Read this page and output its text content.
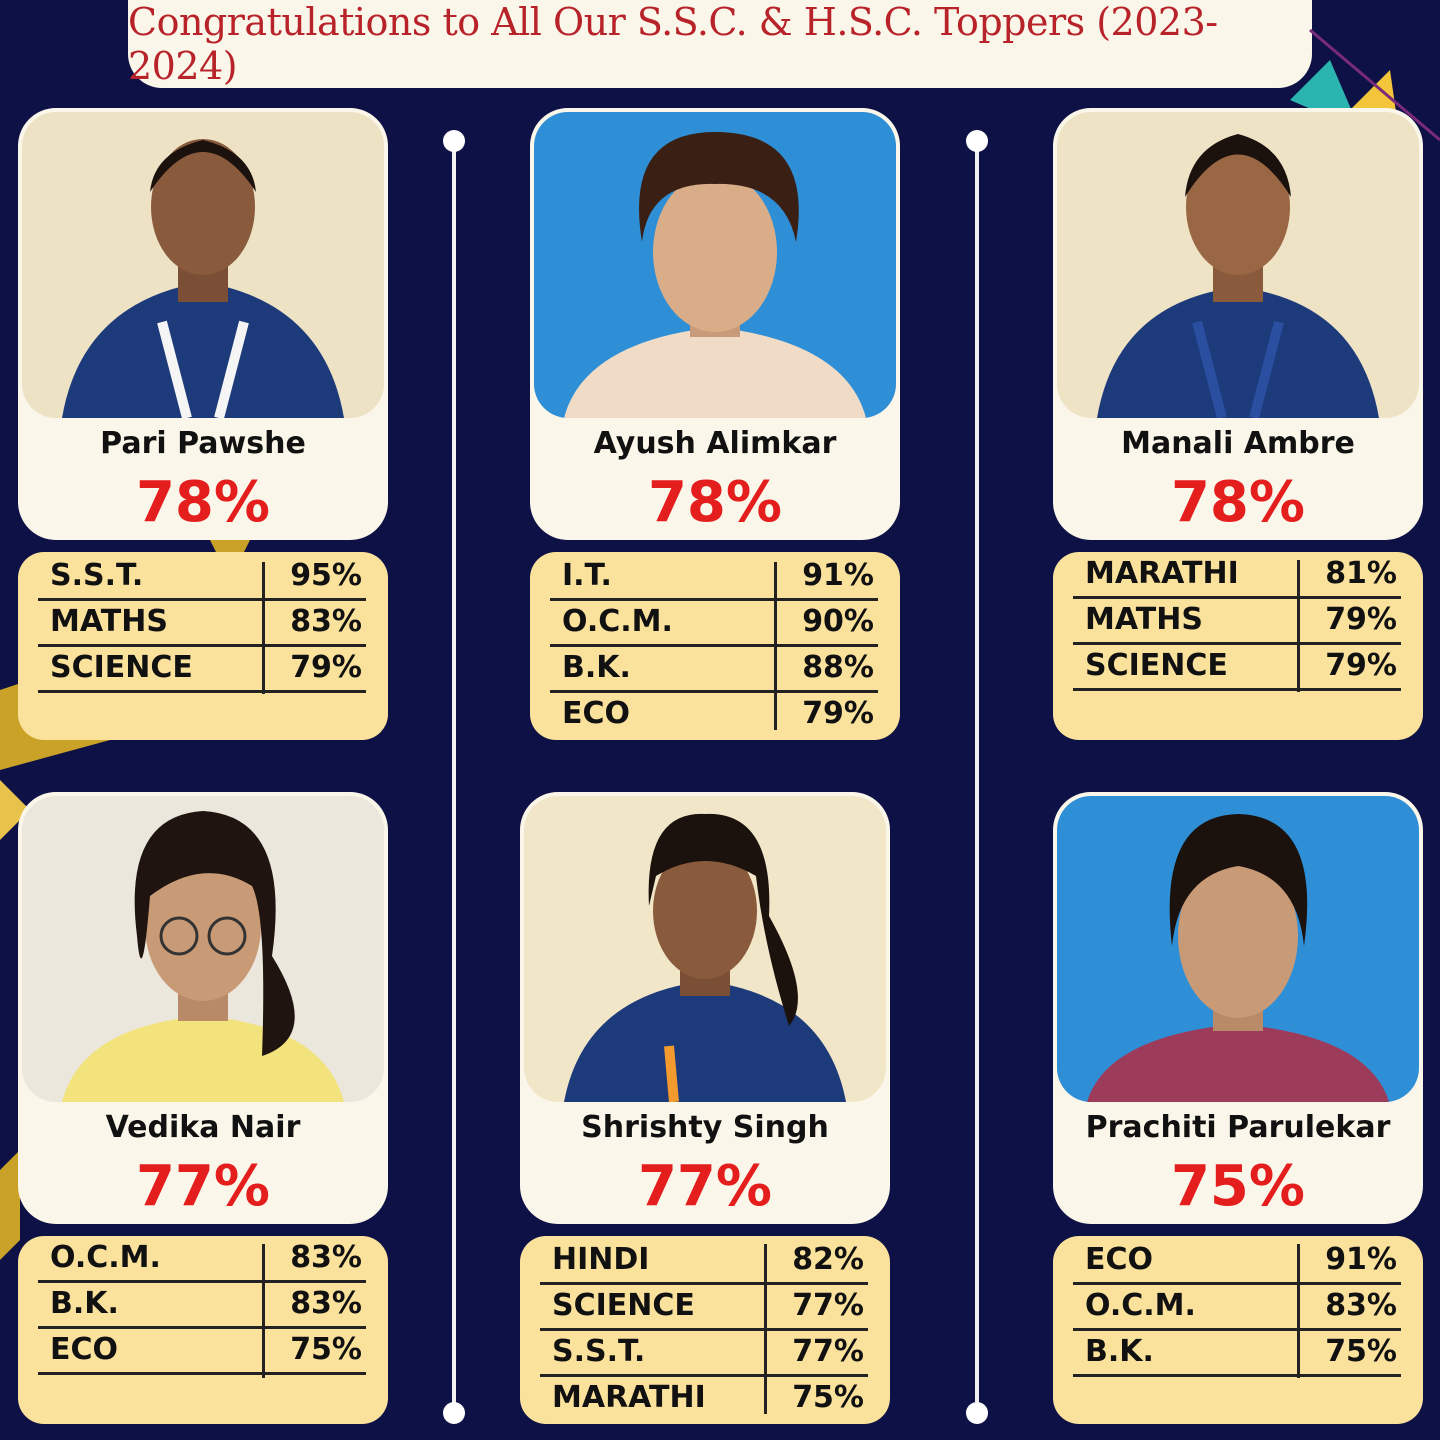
Congratulations to All Our S.S.C. & H.S.C. Toppers (2023-2024)
Pari Pawshe
78%
S.S.T.	95%
MATHS	83%
SCIENCE	79%
Ayush Alimkar
78%
I.T.	91%
O.C.M.	90%
B.K.	88%
ECO	79%
Manali Ambre
78%
MARATHI	81%
MATHS	79%
SCIENCE	79%
Vedika Nair
77%
O.C.M.	83%
B.K.	83%
ECO	75%
Shrishty Singh
77%
HINDI	82%
SCIENCE	77%
S.S.T.	77%
MARATHI	75%
Prachiti Parulekar
75%
ECO	91%
O.C.M.	83%
B.K.	75%
